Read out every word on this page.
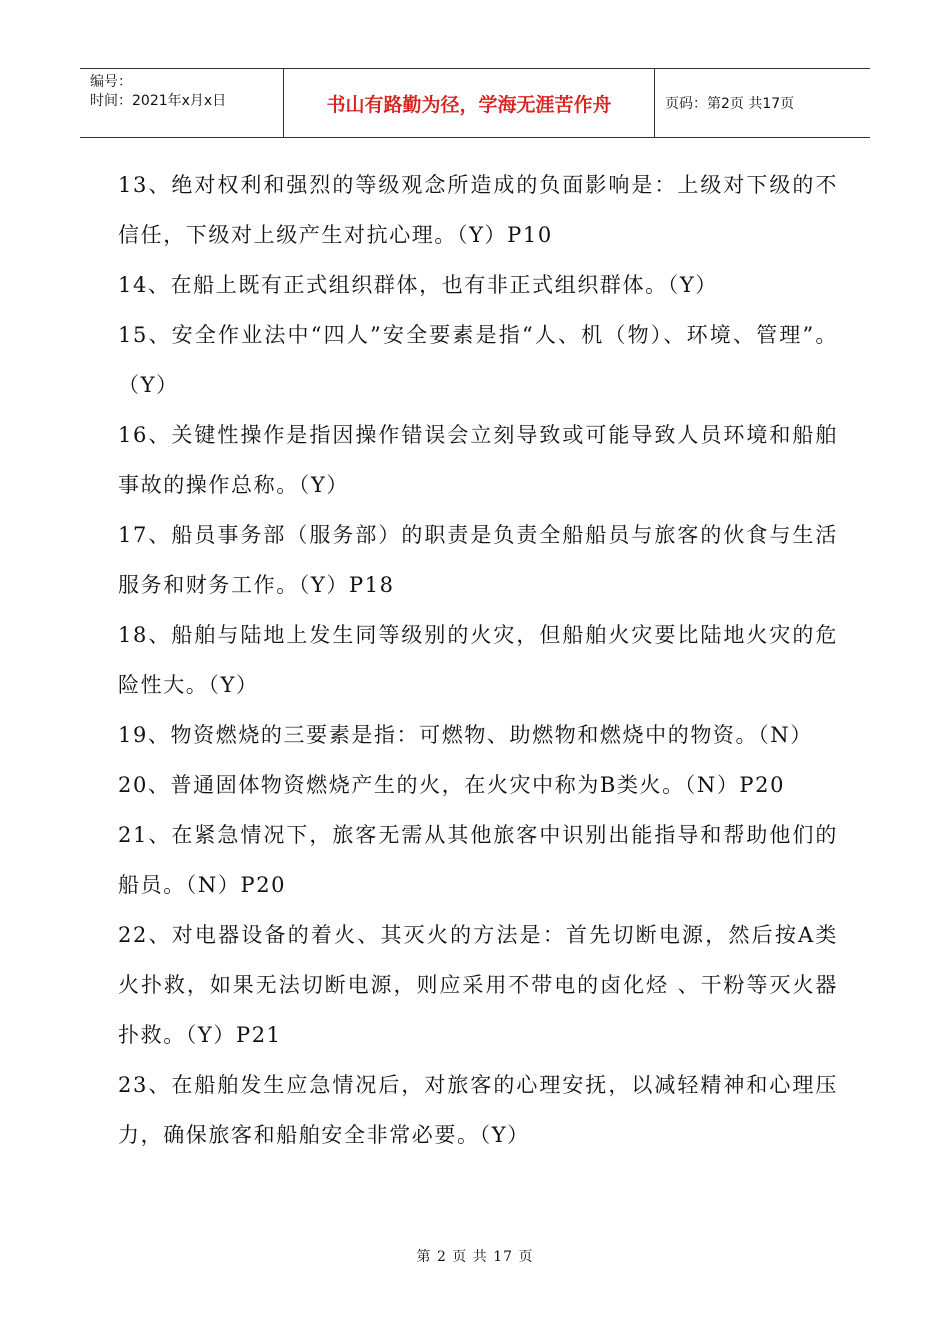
编号：
时间：2021年x月x日	书山有路勤为径，学海无涯苦作舟	页码：第2页 共17页

13、绝对权利和强烈的等级观念所造成的负面影响是：上级对下级的不信任，下级对上级产生对抗心理。（Y）P10

14、在船上既有正式组织群体，也有非正式组织群体。（Y）

15、安全作业法中“四人”安全要素是指“人、机（物）、环境、管理”。（Y）

16、关键性操作是指因操作错误会立刻导致或可能导致人员环境和船舶事故的操作总称。（Y）

17、船员事务部（服务部）的职责是负责全船船员与旅客的伙食与生活服务和财务工作。（Y）P18

18、船舶与陆地上发生同等级别的火灾，但船舶火灾要比陆地火灾的危险性大。（Y）

19、物资燃烧的三要素是指：可燃物、助燃物和燃烧中的物资。（N）

20、普通固体物资燃烧产生的火，在火灾中称为B类火。（N）P20

21、在紧急情况下，旅客无需从其他旅客中识别出能指导和帮助他们的船员。（N）P20

22、对电器设备的着火、其灭火的方法是：首先切断电源，然后按A类火扑救，如果无法切断电源，则应采用不带电的卤化烃 、干粉等灭火器扑救。（Y）P21

23、在船舶发生应急情况后，对旅客的心理安抚，以减轻精神和心理压力，确保旅客和船舶安全非常必要。（Y）

第 2 页 共 17 页
